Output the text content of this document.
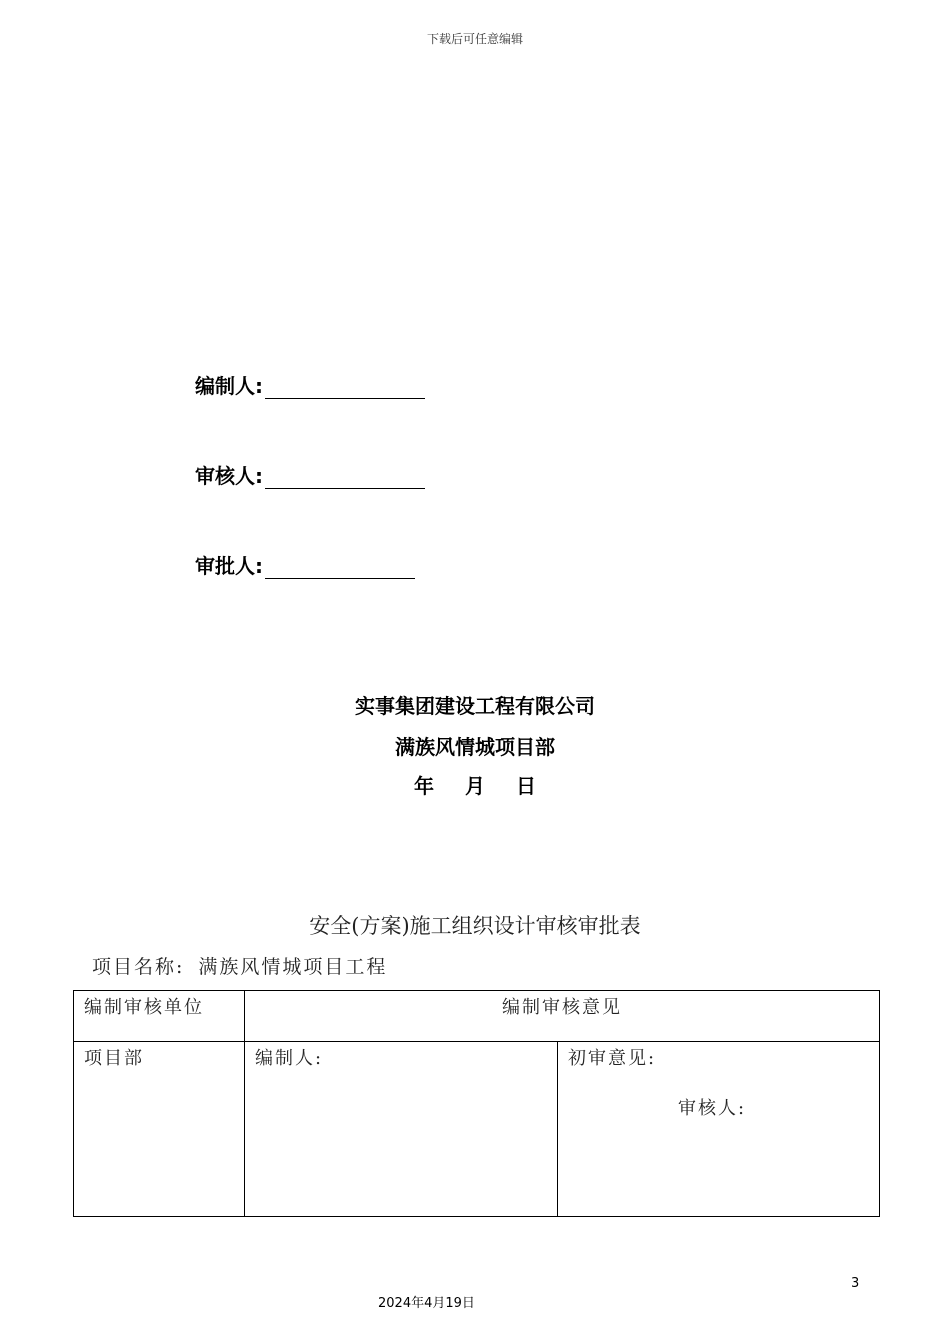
下载后可任意编辑
编制人:
审核人:
审批人:
实事集团建设工程有限公司
满族风情城项目部
年 月 日
安全(方案)施工组织设计审核审批表
项目名称: 满族风情城项目工程
编制审核单位	编制审核意见	
项目部	编制人:	初审意见:
审核人:
3
2024年4月19日
